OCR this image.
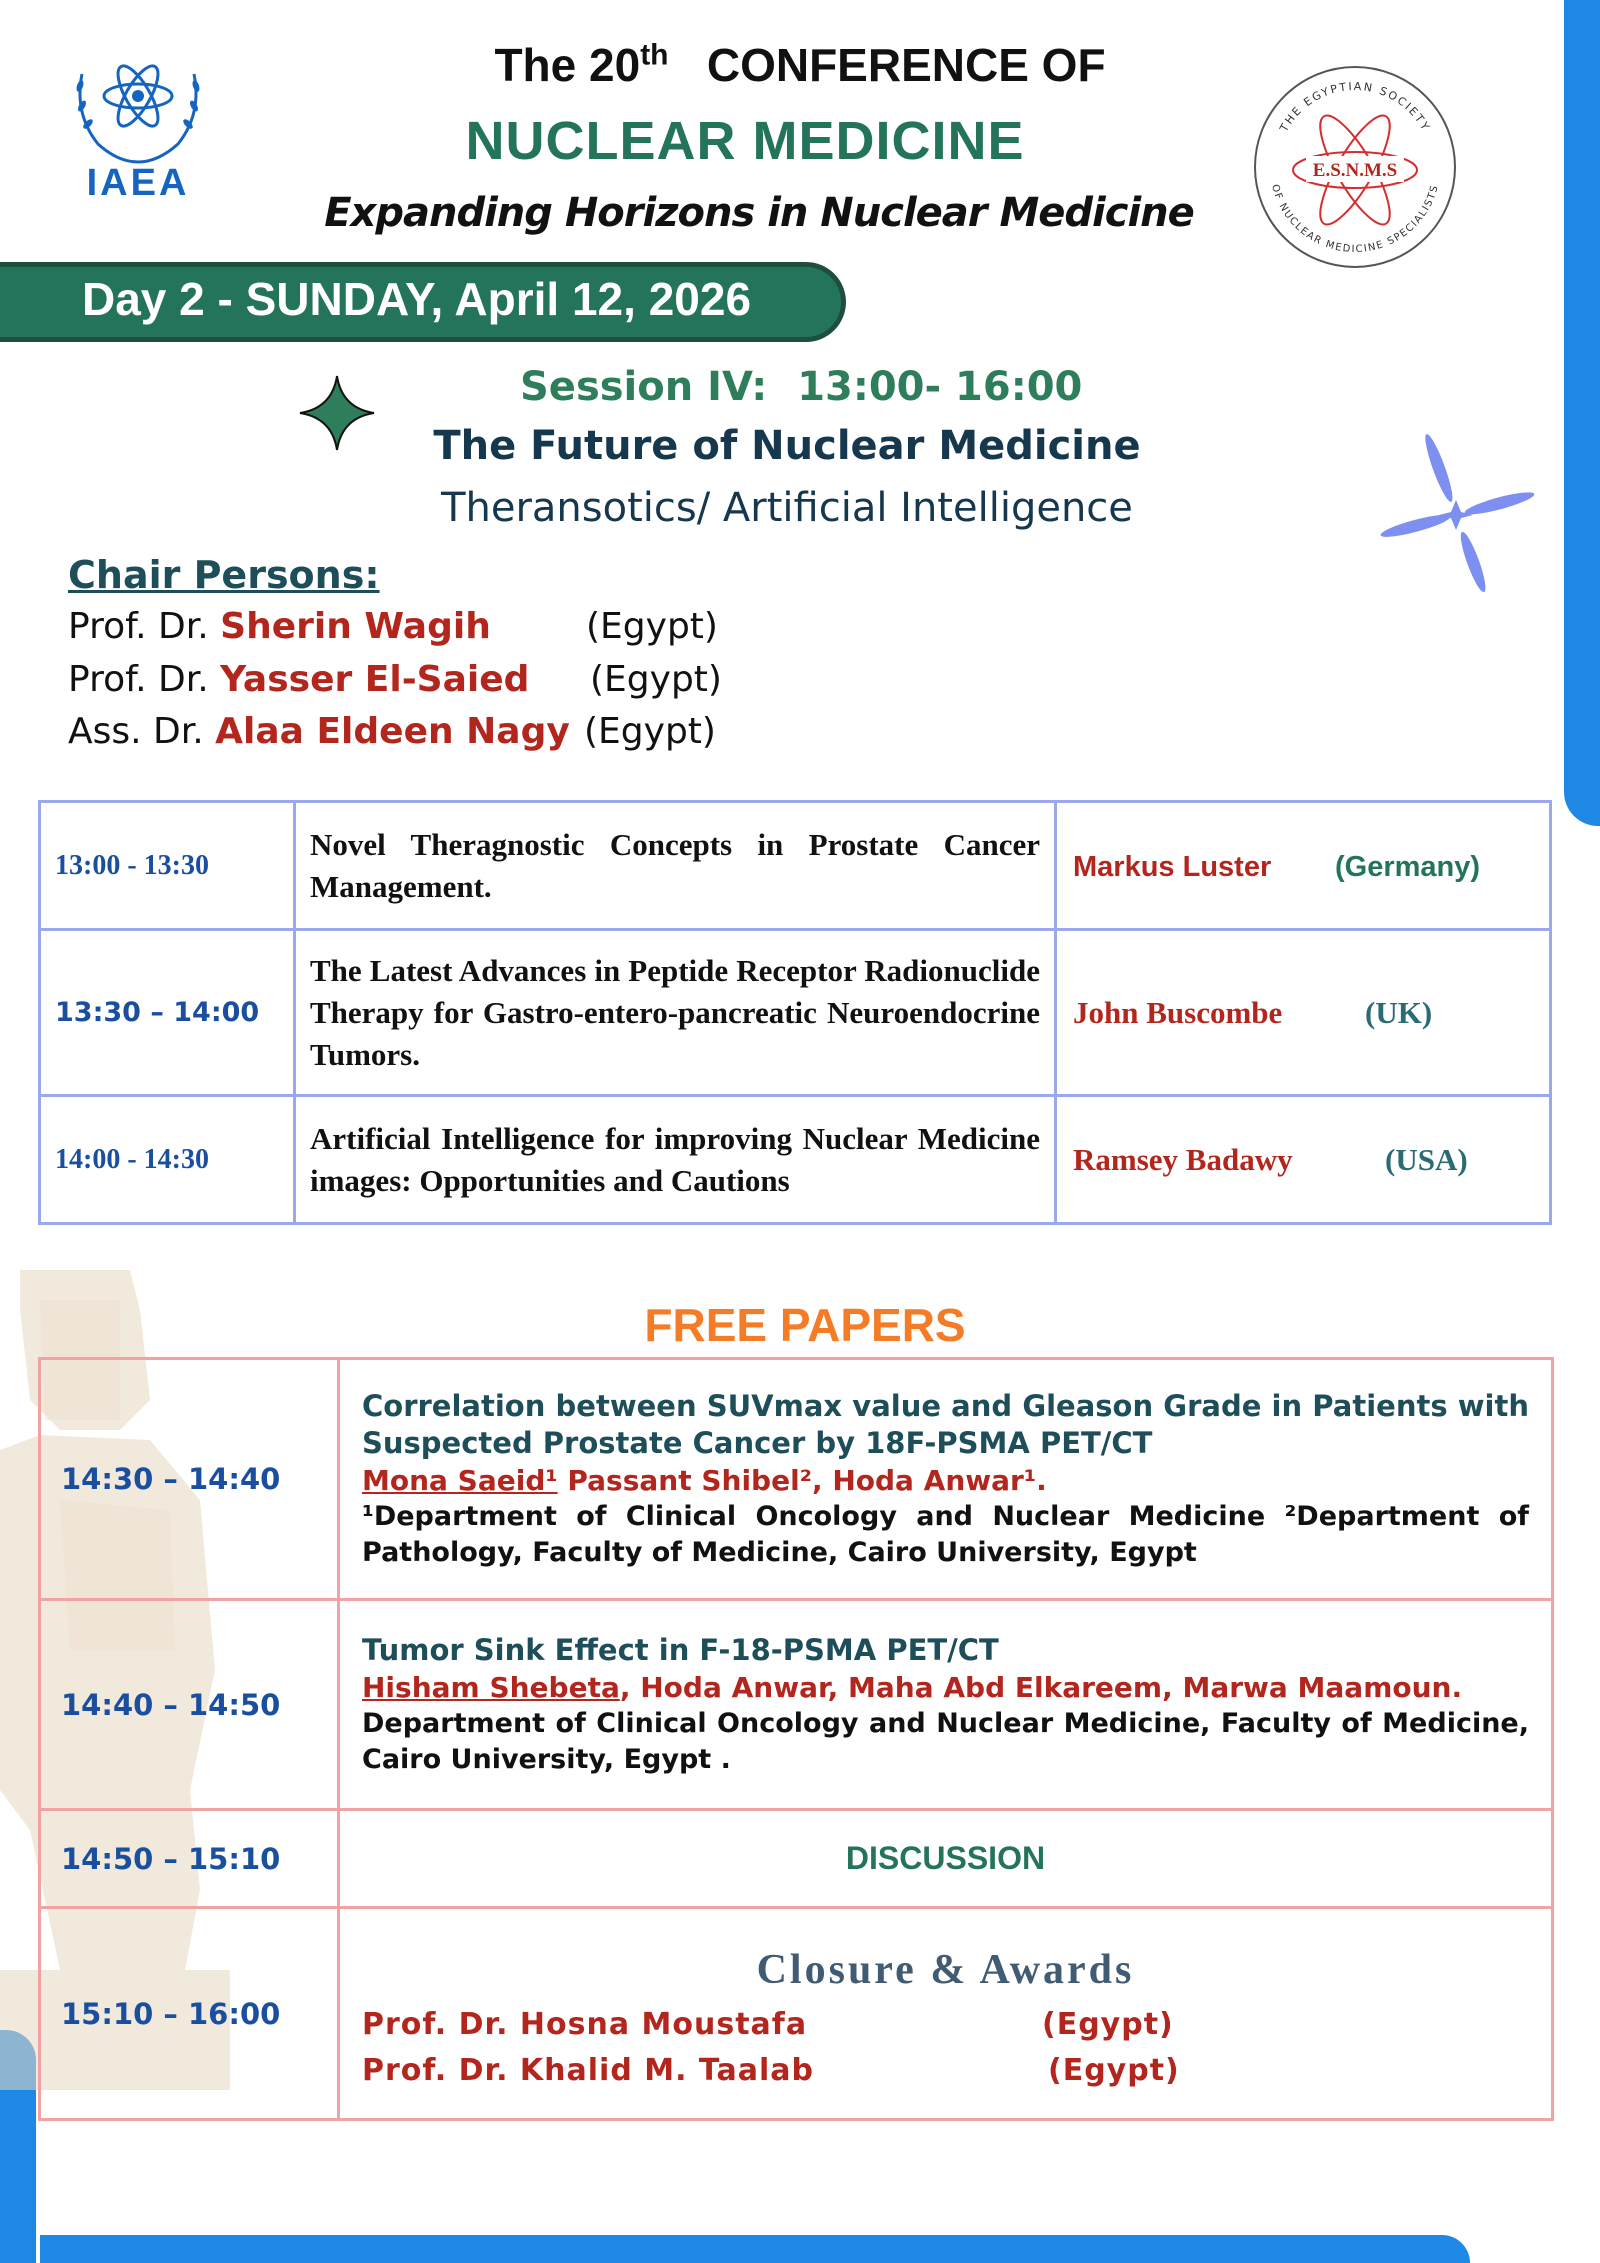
IAEA
The 20th CONFERENCE OF
NUCLEAR MEDICINE
Expanding Horizons in Nuclear Medicine
THE EGYPTIAN SOCIETY
OF NUCLEAR MEDICINE SPECIALISTS
E.S.N.M.S
Day 2 - SUNDAY, April 12, 2026
Session IV: 13:00- 16:00
The Future of Nuclear Medicine
Theransotics/ Artificial Intelligence
Chair Persons:
Prof. Dr. Sherin Wagih	(Egypt)
Prof. Dr. Yasser El-Saied (Egypt)
Ass. Dr. Alaa Eldeen Nagy (Egypt)
13:00 - 13:30	Novel Theragnostic Concepts in Prostate Cancer Management.	Markus Luster (Germany)
13:30 – 14:00	The Latest Advances in Peptide Receptor Radionuclide Therapy for Gastro-entero-pancreatic Neuroendocrine Tumors.	John Buscombe (UK)
14:00 - 14:30	Artificial Intelligence for improving Nuclear Medicine images: Opportunities and Cautions	Ramsey Badawy (USA)
FREE PAPERS
14:30 – 14:40	Correlation between SUVmax value and Gleason Grade in Patients with Suspected Prostate Cancer by 18F-PSMA PET/CT
Mona Saeid¹ Passant Shibel², Hoda Anwar¹.
¹Department of Clinical Oncology and Nuclear Medicine ²Department of Pathology, Faculty of Medicine, Cairo University, Egypt

14:40 – 14:50	Tumor Sink Effect in F-18-PSMA PET/CT
Hisham Shebeta, Hoda Anwar, Maha Abd Elkareem, Marwa Maamoun.
Department of Clinical Oncology and Nuclear Medicine, Faculty of Medicine, Cairo University, Egypt .

14:50 – 15:10	DISCUSSION
15:10 – 16:00	Closure & Awards
Prof. Dr. Hosna Moustafa (Egypt)
Prof. Dr. Khalid M. Taalab (Egypt)
